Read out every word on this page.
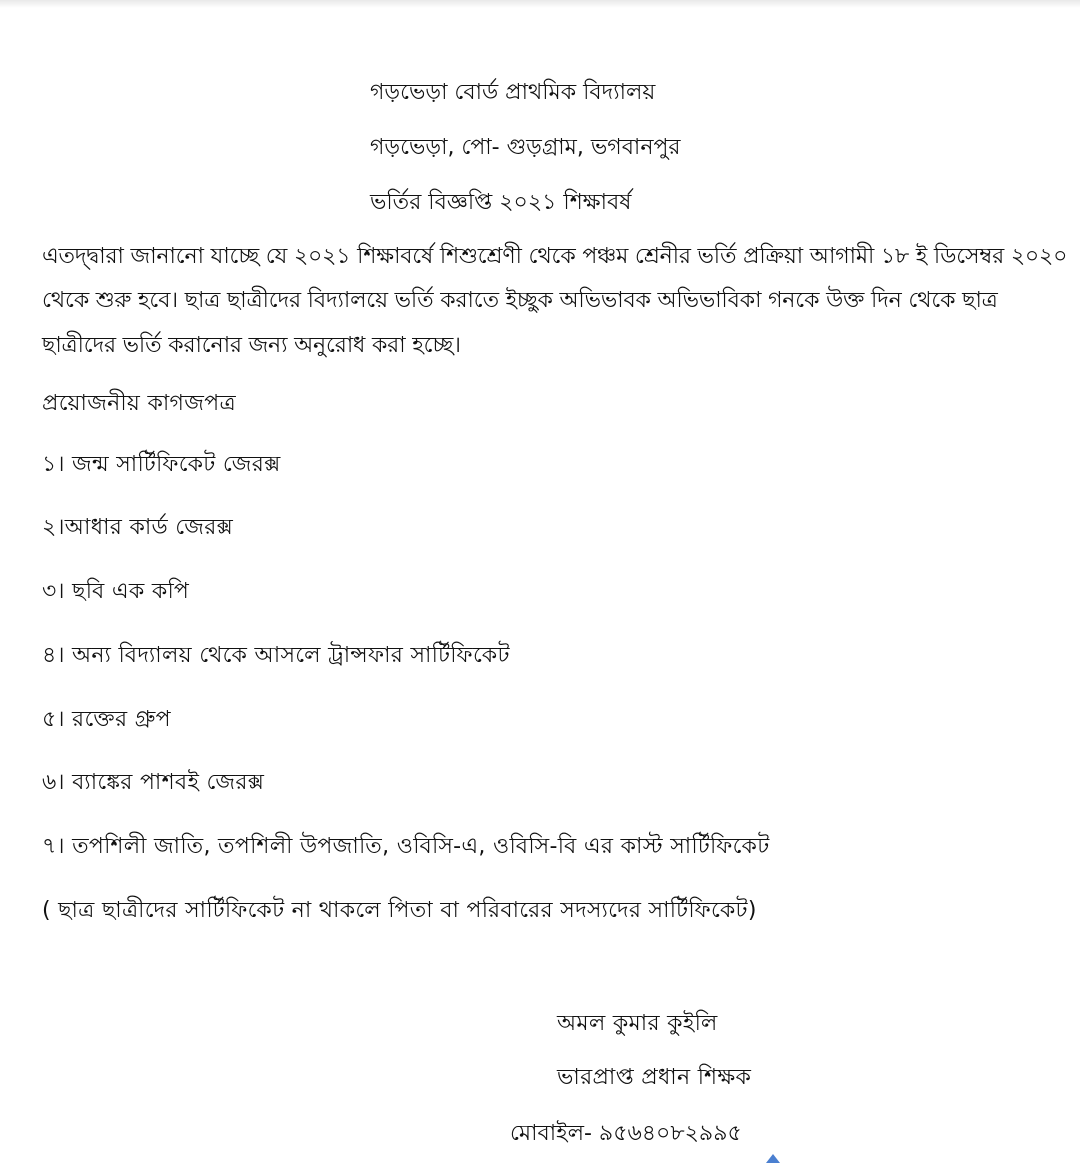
গড়ভেড়া বোর্ড প্রাথমিক বিদ্যালয়
গড়ভেড়া, পো- গুড়গ্রাম, ভগবানপুর
ভর্তির বিজ্ঞপ্তি ২০২১ শিক্ষাবর্ষ
এতদ্দ্বারা জানানো যাচ্ছে যে ২০২১ শিক্ষাবর্ষে শিশুশ্রেণী থেকে পঞ্চম শ্রেনীর ভর্তি প্রক্রিয়া আগামী ১৮ ই ডিসেম্বর ২০২০
থেকে শুরু হবে। ছাত্র ছাত্রীদের বিদ্যালয়ে ভর্তি করাতে ইচ্ছুক অভিভাবক অভিভাবিকা গনকে উক্ত দিন থেকে ছাত্র
ছাত্রীদের ভর্তি করানোর জন্য অনুরোধ করা হচ্ছে।
প্রয়োজনীয় কাগজপত্র
১। জন্ম সার্টিফিকেট জেরক্স
২।আধার কার্ড জেরক্স
৩। ছবি এক কপি
৪। অন্য বিদ্যালয় থেকে আসলে ট্রান্সফার সার্টিফিকেট
৫। রক্তের গ্রুপ
৬। ব্যাঙ্কের পাশবই জেরক্স
৭। তপশিলী জাতি, তপশিলী উপজাতি, ওবিসি-এ, ওবিসি-বি এর কাস্ট সার্টিফিকেট
( ছাত্র ছাত্রীদের সার্টিফিকেট না থাকলে পিতা বা পরিবারের সদস্যদের সার্টিফিকেট)
অমল কুমার কুইলি
ভারপ্রাপ্ত প্রধান শিক্ষক
মোবাইল- ৯৫৬৪০৮২৯৯৫
